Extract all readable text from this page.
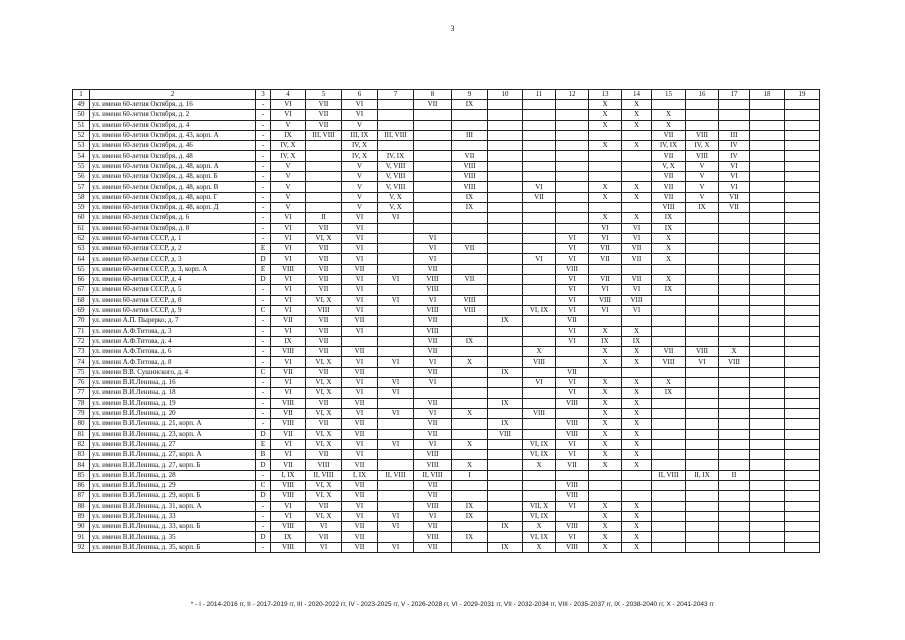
3
1	2	3	4	5	6	7	8	9	10	11	12	13	14	15	16	17	18	19
49	ул. имени 60-летия Октября, д. 16	-	VI	VII	VI		VII	IX				X	X					
50	ул. имени 60-летия Октября, д. 2	-	VI	VII	VI							X	X	X				
51	ул. имени 60-летия Октября, д. 4	-	V	VII	V							X	X	X				
52	ул. имени 60-летия Октября, д. 43, корп. А	-	IX	III, VIII	III, IX	III, VIII		III						VII	VIII	III		
53	ул. имени 60-летия Октября, д. 46	-	IV, X		IV, X							X	X	IV, IX	IV, X	IV		
54	ул. имени 60-летия Октября, д. 48	-	IV, X		IV, X	IV, IX		VII						VII	VIII	IV		
55	ул. имени 60-летия Октября, д. 48, корп. А	-	V		V	V, VIII		VIII						V, X	V	VI		
56	ул. имени 60-летия Октября, д. 48, корп. Б	-	V		V	V, VIII		VIII						VII	V	VI		
57	ул. имени 60-летия Октября, д. 48, корп. В	-	V		V	V, VIII		VIII		VI		X	X	VII	V	VI		
58	ул. имени 60-летия Октября, д. 48, корп. Г	-	V		V	V, X		IX		VII		X	X	VII	V	VII		
59	ул. имени 60-летия Октября, д. 48, корп. Д	-	V		V	V, X		IX						VIII	IX	VII		
60	ул. имени 60-летия Октября, д. 6	-	VI	II	VI	VI						X	X	IX				
61	ул. имени 60-летия Октября, д. 8	-	VI	VII	VI							VI	VI	IX				
62	ул. имени 60-летия СССР, д. 1	-	VI	VI, X	VI		VI				VI	VI	VI	X				
63	ул. имени 60-летия СССР, д. 2	E	VI	VII	VI		VI	VII			VI	VII	VII	X				
64	ул. имени 60-летия СССР, д. 3	D	VI	VII	VI		VI			VI	VI	VII	VII	X				
65	ул. имени 60-летия СССР, д. 3, корп. А	E	VIII	VII	VII		VII				VIII							
66	ул. имени 60-летия СССР, д. 4	D	VI	VII	VI	VI	VIII	VII			VI	VII	VII	X				
67	ул. имени 60-летия СССР, д. 5	-	VI	VII	VI		VIII				VI	VI	VI	IX				
68	ул. имени 60-летия СССР, д. 8	-	VI	VI, X	VI	VI	VI	VIII			VI	VIII	VIII					
69	ул. имени 60-летия СССР, д. 9	C	VI	VIII	VI		VIII	VIII		VI, IX	VI	VI	VI					
70	ул. имени А.П. Пырерко, д. 7	-	VII	VII	VII		VII		IX		VII							
71	ул. имени А.Ф.Титова, д. 3	-	VI	VII	VI		VIII				VI	X	X					
72	ул. имени А.Ф.Титова, д. 4	-	IX	VII			VII	IX			VI	IX	IX					
73	ул. имени А.Ф.Титова, д. 6	-	VIII	VII	VII		VII			X		X	X	VII	VIII	X		
74	ул. имени А.Ф.Титова, д. 8	-	VI	VI, X	VI	VI	VI	X		VIII		X	X	VIII	VI	VIII		
75	ул. имени В.В. Сушинского, д. 4	C	VII	VII	VII		VII		IX		VII							
76	ул. имени В.И.Ленина, д. 16	-	VI	VI, X	VI	VI	VI			VI	VI	X	X	X				
77	ул. имени В.И.Ленина, д. 18	-	VI	VI, X	VI	VI					VI	X	X	IX				
78	ул. имени В.И.Ленина, д. 19	-	VIII	VII	VII		VII		IX		VIII	X	X					
79	ул. имени В.И.Ленина, д. 20	-	VII	VI, X	VI	VI	VI	X		VIII		X	X					
80	ул. имени В.И.Ленина, д. 21, корп. А	-	VIII	VII	VII		VII		IX		VIII	X	X					
81	ул. имени В.И.Ленина, д. 23, корп. А	D	VII	VI, X	VII		VII		VIII		VIII	X	X					
82	ул. имени В.И.Ленина, д. 27	E	VI	VI, X	VI	VI	VI	X		VI, IX	VI	X	X					
83	ул. имени В.И.Ленина, д. 27, корп. А	B	VI	VII	VI		VIII			VI, IX	VI	X	X					
84	ул. имени В.И.Ленина, д. 27, корп. Б	D	VII	VIII	VII		VIII	X		X	VII	X	X					
85	ул. имени В.И.Ленина, д. 28	-	I, IX	II, VIII	I, IX	II, VIII	II, VIII	I						II, VIII	II, IX	II		
86	ул. имени В.И.Ленина, д. 29	C	VIII	VI, X	VII		VII				VIII							
87	ул. имени В.И.Ленина, д. 29, корп. Б	D	VIII	VI, X	VII		VII				VIII							
88	ул. имени В.И.Ленина, д. 31, корп. А	-	VI	VII	VI		VIII	IX		VII, X	VI	X	X					
89	ул. имени В.И.Ленина, д. 33	-	VI	VI, X	VI	VI	VI	IX		VI, IX		X	X					
90	ул. имени В.И.Ленина, д. 33, корп. Б	-	VIII	VI	VII	VI	VII		IX	X	VIII	X	X					
91	ул. имени В.И.Ленина, д. 35	D	IX	VII	VII		VIII	IX		VI, IX	VI	X	X					
92	ул. имени В.И.Ленина, д. 35, корп. Б	-	VIII	VI	VII	VI	VII		IX	X	VIII	X	X					
* - I - 2014-2016 гг, II - 2017-2019 гг, III - 2020-2022 гг, IV - 2023-2025 гг, V - 2026-2028 гг, VI - 2029-2031 гг, VII - 2032-2034 гг, VIII - 2035-2037 гг, IX - 2038-2040 гг, X - 2041-2043 гг
